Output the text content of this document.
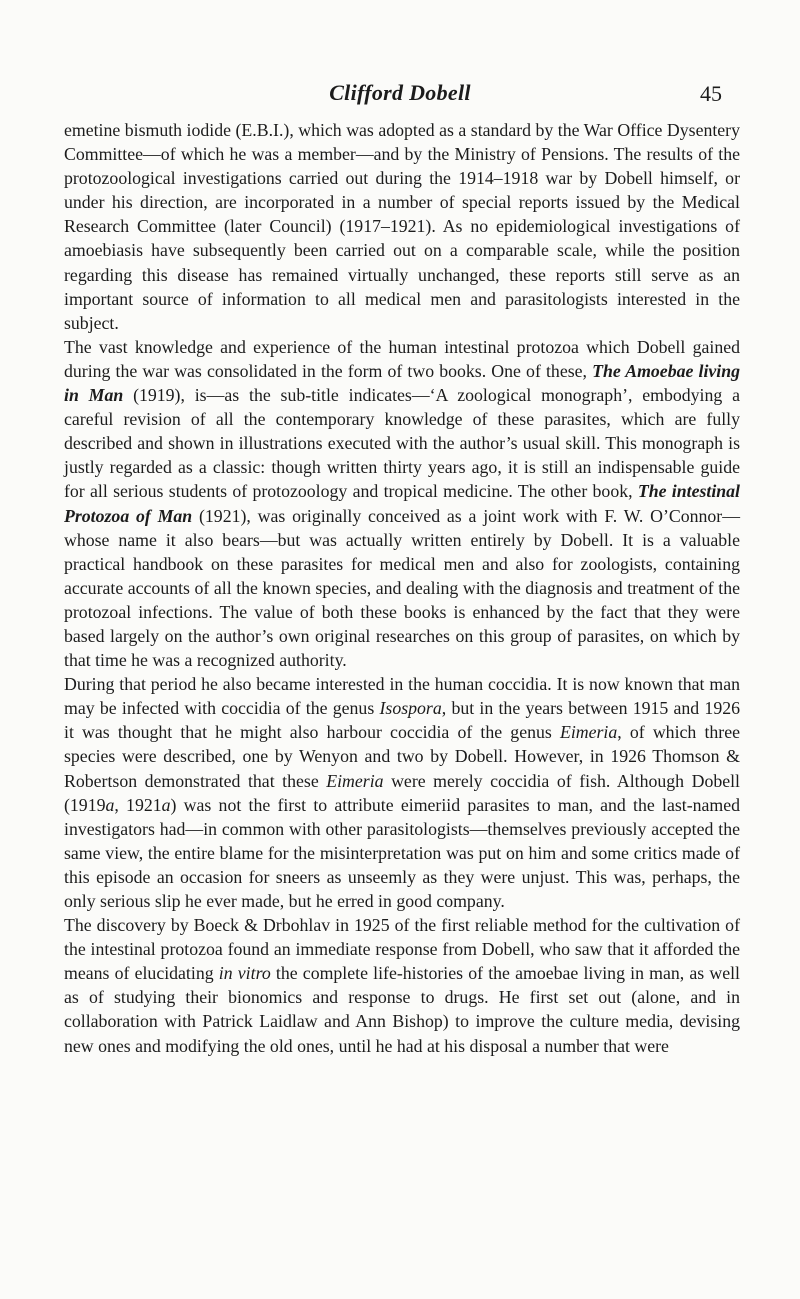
Clifford Dobell	45

emetine bismuth iodide (E.B.I.), which was adopted as a standard by the War Office Dysentery Committee—of which he was a member—and by the Ministry of Pensions. The results of the protozoological investigations carried out during the 1914–1918 war by Dobell himself, or under his direction, are incorporated in a number of special reports issued by the Medical Research Committee (later Council) (1917–1921). As no epidemiological investigations of amoebiasis have subsequently been carried out on a comparable scale, while the position regarding this disease has remained virtually unchanged, these reports still serve as an important source of information to all medical men and parasitologists interested in the subject.

The vast knowledge and experience of the human intestinal protozoa which Dobell gained during the war was consolidated in the form of two books. One of these, The Amoebae living in Man (1919), is—as the sub-title indicates—‘A zoological monograph’, embodying a careful revision of all the contemporary knowledge of these parasites, which are fully described and shown in illustrations executed with the author’s usual skill. This monograph is justly regarded as a classic: though written thirty years ago, it is still an indispensable guide for all serious students of protozoology and tropical medicine. The other book, The intestinal Protozoa of Man (1921), was originally conceived as a joint work with F. W. O’Connor—whose name it also bears—but was actually written entirely by Dobell. It is a valuable practical handbook on these parasites for medical men and also for zoologists, containing accurate accounts of all the known species, and dealing with the diagnosis and treatment of the protozoal infections. The value of both these books is enhanced by the fact that they were based largely on the author’s own original researches on this group of parasites, on which by that time he was a recognized authority.

During that period he also became interested in the human coccidia. It is now known that man may be infected with coccidia of the genus Isospora, but in the years between 1915 and 1926 it was thought that he might also harbour coccidia of the genus Eimeria, of which three species were described, one by Wenyon and two by Dobell. However, in 1926 Thomson & Robertson demonstrated that these Eimeria were merely coccidia of fish. Although Dobell (1919a, 1921a) was not the first to attribute eimeriid parasites to man, and the last-named investigators had—in common with other parasitologists—themselves previously accepted the same view, the entire blame for the misinterpretation was put on him and some critics made of this episode an occasion for sneers as unseemly as they were unjust. This was, perhaps, the only serious slip he ever made, but he erred in good company.

The discovery by Boeck & Drbohlav in 1925 of the first reliable method for the cultivation of the intestinal protozoa found an immediate response from Dobell, who saw that it afforded the means of elucidating in vitro the complete life-histories of the amoebae living in man, as well as of studying their bionomics and response to drugs. He first set out (alone, and in collaboration with Patrick Laidlaw and Ann Bishop) to improve the culture media, devising new ones and modifying the old ones, until he had at his disposal a number that were
